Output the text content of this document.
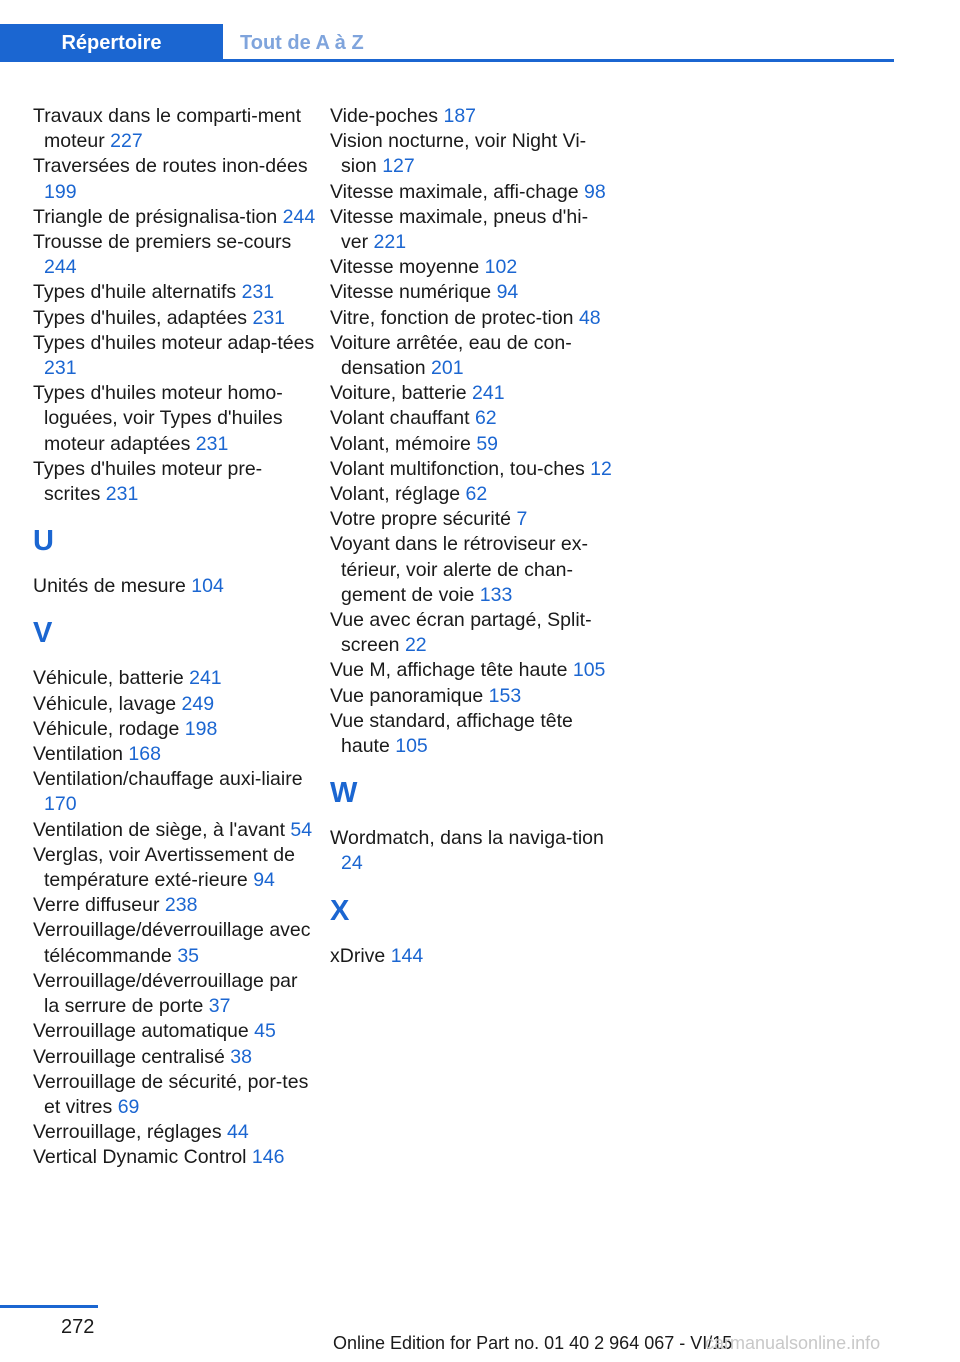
Répertoire	Tout de A à Z
Travaux dans le comparti-ment moteur 227
Traversées de routes inon-dées 199
Triangle de présignalisa-tion 244
Trousse de premiers se-cours 244
Types d'huile alternatifs 231
Types d'huiles, adaptées 231
Types d'huiles moteur adap-tées 231
Types d'huiles moteur homo-loguées, voir Types d'huiles moteur adaptées 231
Types d'huiles moteur pre-scrites 231
U
Unités de mesure 104
V
Véhicule, batterie 241
Véhicule, lavage 249
Véhicule, rodage 198
Ventilation 168
Ventilation/chauffage auxi-liaire 170
Ventilation de siège, à l'avant 54
Verglas, voir Avertissement de température exté-rieure 94
Verre diffuseur 238
Verrouillage/déverrouillage avec télécommande 35
Verrouillage/déverrouillage par la serrure de porte 37
Verrouillage automatique 45
Verrouillage centralisé 38
Verrouillage de sécurité, por-tes et vitres 69
Verrouillage, réglages 44
Vertical Dynamic Control 146
Vide-poches 187
Vision nocturne, voir Night Vi-sion 127
Vitesse maximale, affi-chage 98
Vitesse maximale, pneus d'hi-ver 221
Vitesse moyenne 102
Vitesse numérique 94
Vitre, fonction de protec-tion 48
Voiture arrêtée, eau de con-densation 201
Voiture, batterie 241
Volant chauffant 62
Volant, mémoire 59
Volant multifonction, tou-ches 12
Volant, réglage 62
Votre propre sécurité 7
Voyant dans le rétroviseur ex-térieur, voir alerte de chan-gement de voie 133
Vue avec écran partagé, Split-screen 22
Vue M, affichage tête haute 105
Vue panoramique 153
Vue standard, affichage tête haute 105
W
Wordmatch, dans la naviga-tion 24
X
xDrive 144
272
Online Edition for Part no. 01 40 2 964 067 - VI/15
carmanualsonline.info
